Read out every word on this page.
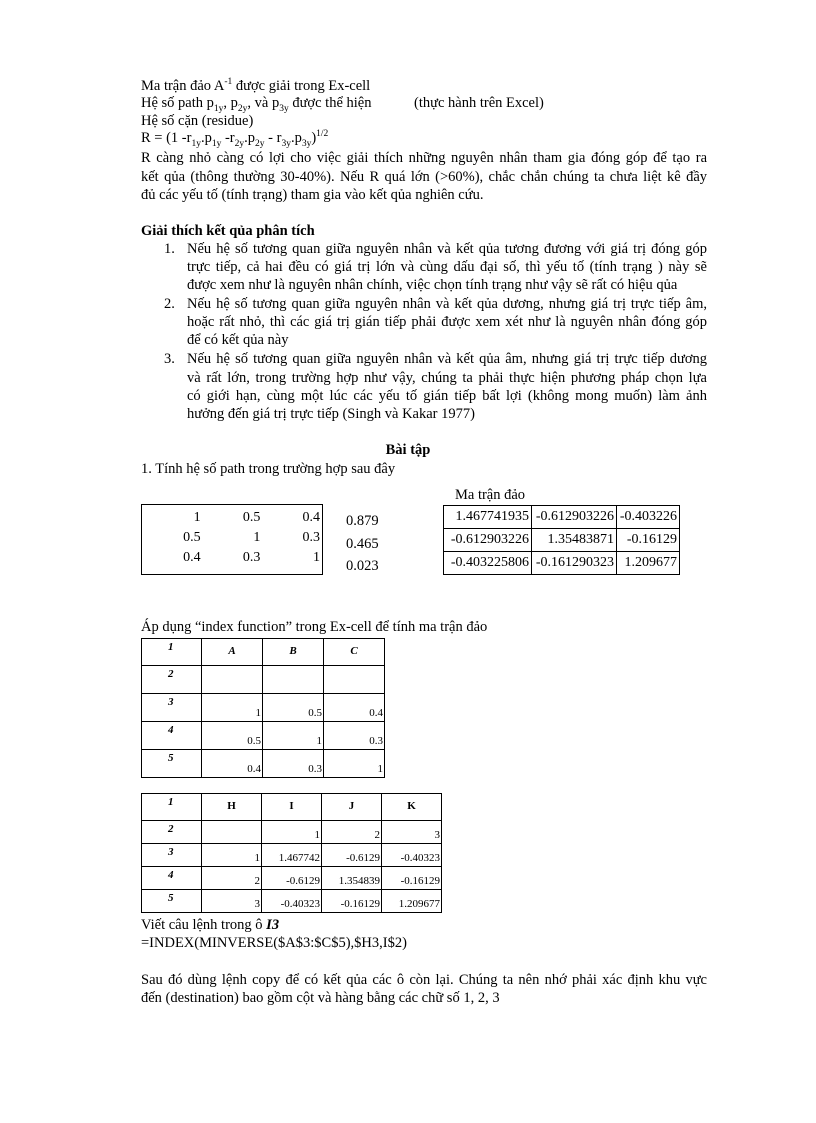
Ma trận đảo $A^{-1}$ được giải trong Ex-cell
Hệ số path $p_{1y}$, $p_{2y}$, và $p_{3y}$ được thể hiện	(thực hành trên Excel)
Hệ số cặn (residue)
R = (1 $-r_{1y}.p_{1y}$ $-r_{2y}.p_{2y} - r_{3y}.p_{3y})^{1/2}$
R càng nhỏ càng có lợi cho việc giải thích những nguyên nhân tham gia đóng góp để tạo ra
kết qủa (thông thường 30-40%). Nếu R quá lớn (>60%), chắc chắn chúng ta chưa liệt kê đầy
đủ các yếu tố (tính trạng) tham gia vào kết qủa nghiên cứu.
Giải thích kết qủa phân tích
1. Nếu hệ số tương quan giữa nguyên nhân và kết qủa tương đương với giá trị đóng góp
trực tiếp, cả hai đều có giá trị lớn và cùng dấu đại số, thì yếu tố (tính trạng ) này sẽ
được xem như là nguyên nhân chính, việc chọn tính trạng như vậy sẽ rất có hiệu qủa
2. Nếu hệ số tương quan giữa nguyên nhân và kết qủa dương, nhưng giá trị trực tiếp âm,
hoặc rất nhỏ, thì các giá trị gián tiếp phải được xem xét như là nguyên nhân đóng góp
để có kết qủa này
3. Nếu hệ số tương quan giữa nguyên nhân và kết qủa âm, nhưng giá trị trực tiếp dương
và rất lớn, trong trường hợp như vậy, chúng ta phải thực hiện phương pháp chọn lựa
có giới hạn, cùng một lúc các yếu tố gián tiếp bất lợi (không mong muốn) làm ảnh
hưởng đến giá trị trực tiếp (Singh và Kakar 1977)
Bài tập
1. Tính hệ số path trong trường hợp sau đây
Ma trận đảo
1	0.5	0.4
0.5	1	0.3
0.4	0.3	1
0.879
0.465
0.023
1.467741935	-0.612903226	-0.403226
-0.612903226	1.35483871	-0.16129
-0.403225806	-0.161290323	1.209677
Áp dụng “index function” trong Ex-cell để tính ma trận đảo
1	A	B	C
2			
3	1	0.5	0.4
4	0.5	1	0.3
5	0.4	0.3	1
1	H	I	J	K
2		1	2	3
3	1	1.467742	-0.6129	-0.40323
4	2	-0.6129	1.354839	-0.16129
5	3	-0.40323	-0.16129	1.209677
Viết câu lệnh trong ô I3
=INDEX(MINVERSE($A$3:$C$5),$H3,I$2)
Sau đó dùng lệnh copy để có kết qủa các ô còn lại. Chúng ta nên nhớ phải xác định khu vực
đến (destination) bao gồm cột và hàng bằng các chữ số 1, 2, 3
